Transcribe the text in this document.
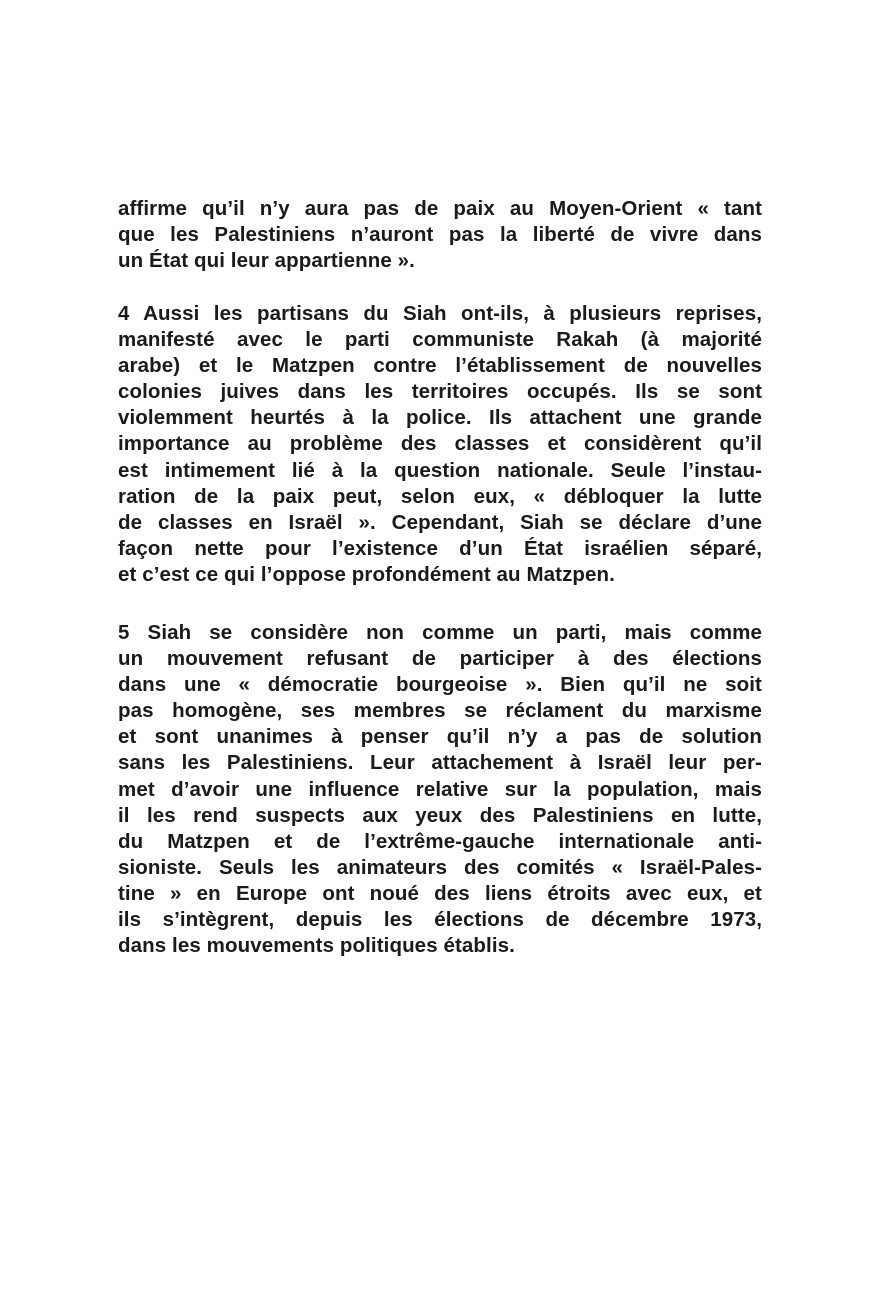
affirme qu’il n’y aura pas de paix au Moyen-Orient « tant
que les Palestiniens n’auront pas la liberté de vivre dans
un État qui leur appartienne ».
4 Aussi les partisans du Siah ont-ils, à plusieurs reprises,
manifesté avec le parti communiste Rakah (à majorité
arabe) et le Matzpen contre l’établissement de nouvelles
colonies juives dans les territoires occupés. Ils se sont
violemment heurtés à la police. Ils attachent une grande
importance au problème des classes et considèrent qu’il
est intimement lié à la question nationale. Seule l’instau-
ration de la paix peut, selon eux, « débloquer la lutte
de classes en Israël ». Cependant, Siah se déclare d’une
façon nette pour l’existence d’un État israélien séparé,
et c’est ce qui l’oppose profondément au Matzpen.
5 Siah se considère non comme un parti, mais comme
un mouvement refusant de participer à des élections
dans une « démocratie bourgeoise ». Bien qu’il ne soit
pas homogène, ses membres se réclament du marxisme
et sont unanimes à penser qu’il n’y a pas de solution
sans les Palestiniens. Leur attachement à Israël leur per-
met d’avoir une influence relative sur la population, mais
il les rend suspects aux yeux des Palestiniens en lutte,
du Matzpen et de l’extrême-gauche internationale anti-
sioniste. Seuls les animateurs des comités « Israël-Pales-
tine » en Europe ont noué des liens étroits avec eux, et
ils s’intègrent, depuis les élections de décembre 1973,
dans les mouvements politiques établis.
